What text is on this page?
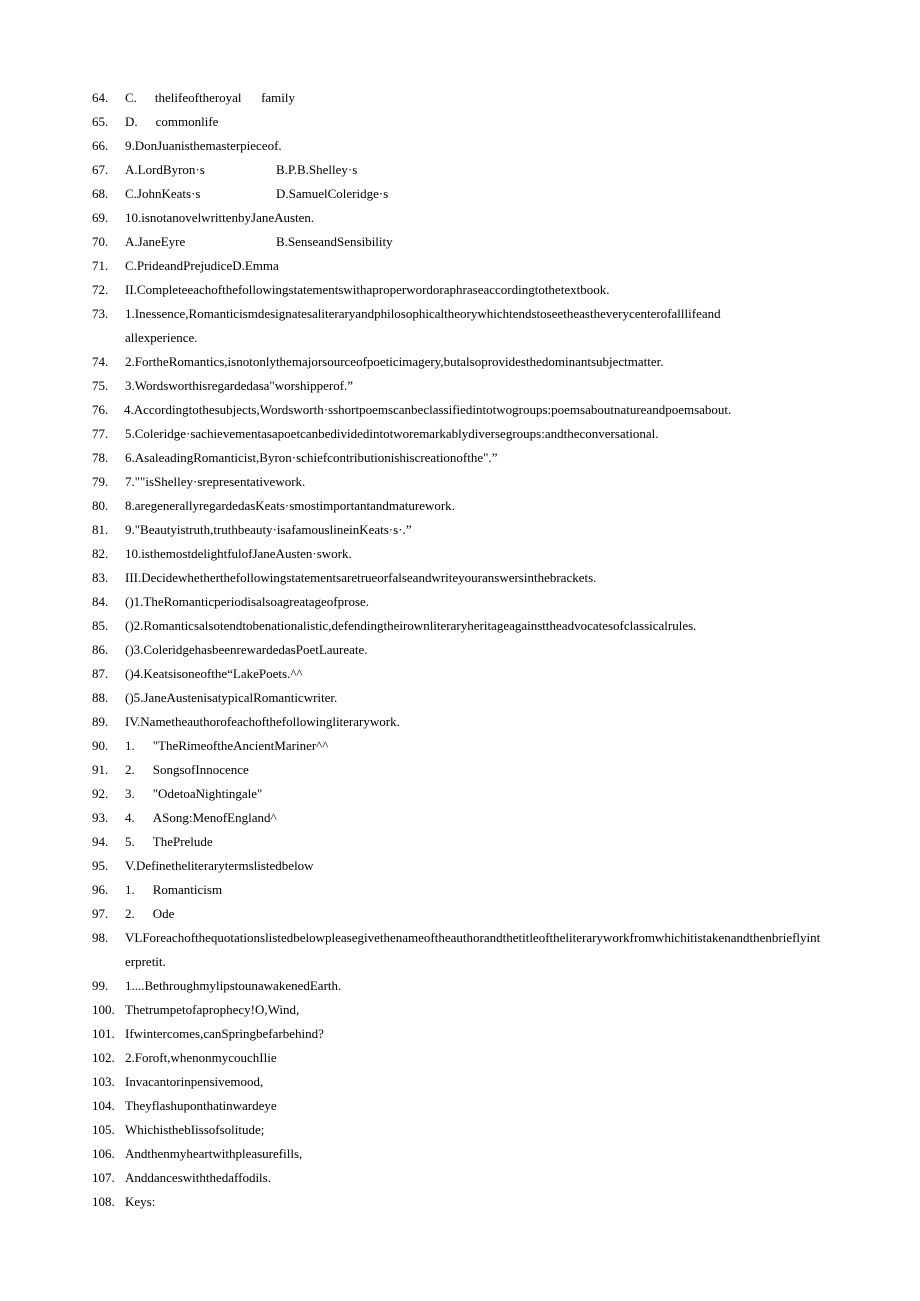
64.	C. thelifeoftheroyal family
65.	D. commonlife
66.	9.DonJuanisthemasterpieceof.
67.	A.LordByron·s	B.P.B.Shelley·s
68.	C.JohnKeats·s	D.SamuelColeridge·s
69.	10.isnotanovelwrittenbyJaneAusten.
70.	A.JaneEyre	B.SenseandSensibility
71.	C.PrideandPrejudiceD.Emma
72.	II.Completeeachofthefollowingstatementswithaproperwordoraphraseaccordingtothetextbook.
73.	1.Inessence,Romanticismdesignatesaliteraryandphilosophicaltheorywhichtendstoseetheastheverycenterofalllifeandallexperience.
74.	2.FortheRomantics,isnotonlythemajorsourceofpoeticimagery,butalsoprovidesthedominantsubjectmatter.
75.	3.Wordsworthisregardedasa"worshipperof.”
76.	4.Accordingtothesubjects,Wordsworth·sshortpoemscanbeclassifiedintotwogroups:poemsaboutnatureandpoemsabout.
77.	5.Coleridge·sachievementasapoetcanbedividedintotworemarkablydiversegroups:andtheconversational.
78.	6.AsaleadingRomanticist,Byron·schiefcontributionishiscreationofthe".”
79.	7.""isShelley·srepresentativework.
80.	8.aregenerallyregardedasKeats·smostimportantandmaturework.
81.	9."Beautyistruth,truthbeauty·isafamouslineinKeats·s·.”
82.	10.isthemostdelightfulofJaneAusten·swork.
83.	III.Decidewhetherthefollowingstatementsaretrueorfalseandwriteyouranswersinthebrackets.
84.	()1.TheRomanticperiodisalsoagreatageofprose.
85.	()2.Romanticsalsotendtobenationalistic,defendingtheirownliteraryheritageagainsttheadvocatesofclassicalrules.
86.	()3.ColeridgehasbeenrewardedasPoetLaureate.
87.	()4.Keatsisoneofthe“LakePoets.^^
88.	()5.JaneAustenisatypicalRomanticwriter.
89.	IV.Nametheauthorofeachofthefollowingliterarywork.
90.	1. "TheRimeoftheAncientMariner^^
91.	2. SongsofInnocence
92.	3. "OdetoaNightingale"
93.	4. ASong:MenofEngland^
94.	5. ThePrelude
95.	V.Definetheliterarytermslistedbelow
96.	1. Romanticism
97.	2. Ode
98.	VLForeachofthequotationslistedbelowpleasegivethenameoftheauthorandthetitleoftheliteraryworkfromwhichitistakenandthenbrieflyinterpretit.
99.	1....BethroughmylipstounawakenedEarth.
100. Thetrumpetofaprophecy!O,Wind,
101. Ifwintercomes,canSpringbefarbehind?
102. 2.Foroft,whenonmycouchIlie
103. Invacantorinpensivemood,
104. Theyflashuponthatinwardeye
105. WhichisthebIissofsolitude;
106. Andthenmyheartwithpleasurefills,
107. Anddanceswiththedaffodils.
108. Keys:
